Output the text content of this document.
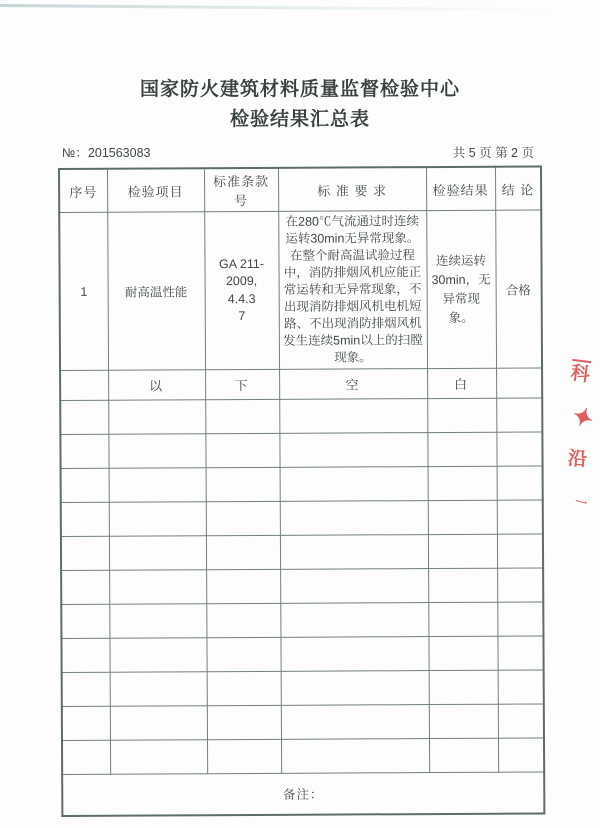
国家防火建筑材料质量监督检验中心
检验结果汇总表
№：201563083	共 5 页 第 2 页
序号	检验项目	标准条款号	标 准 要 求	检验结果	结 论
1	耐高温性能	GA 211-
2009,
4.4.3
7	在280℃气流通过时连续运转30min无异常现象。在整个耐高温试验过程中，消防排烟风机应能正常运转和无异常现象，不出现消防排烟风机电机短路、不出现消防排烟风机发生连续5min以上的扫膛现象。	连续运转
30min，无
异常现象。	合格
	以	下	空	白	

备注：					
科
✦
沿
一
